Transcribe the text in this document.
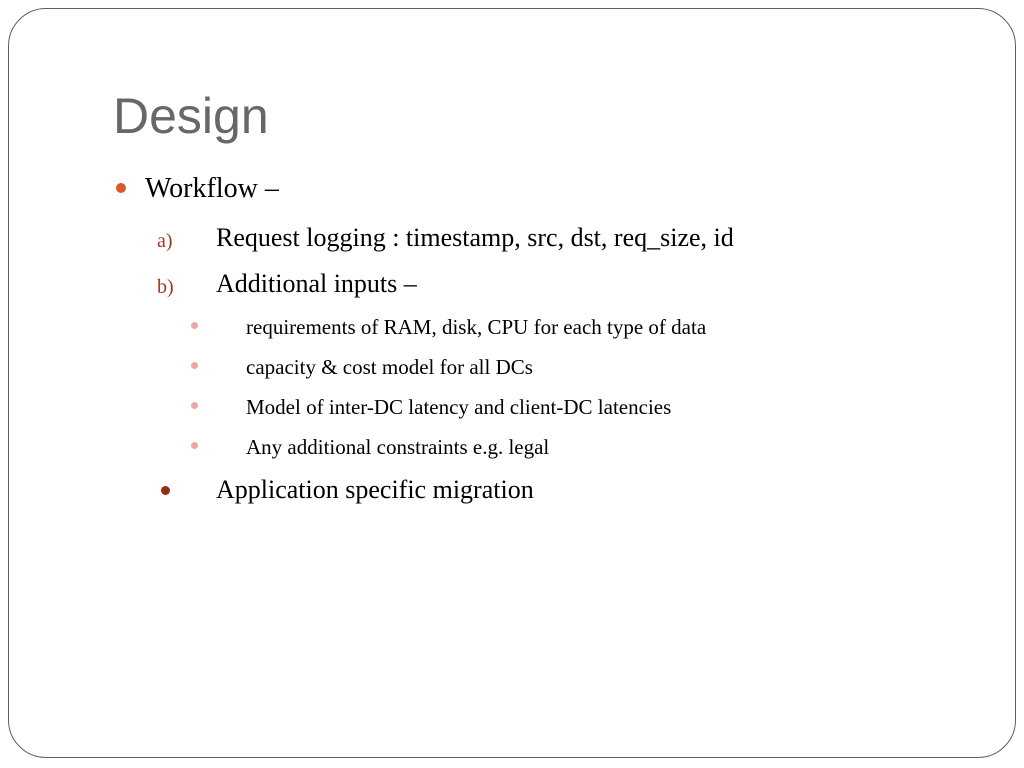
Design
Workflow –
a) Request logging : timestamp, src, dst, req_size, id
b) Additional inputs –
requirements of RAM, disk, CPU for each type of data
capacity & cost model for all DCs
Model of inter-DC latency and client-DC latencies
Any additional constraints e.g. legal
Application specific migration
